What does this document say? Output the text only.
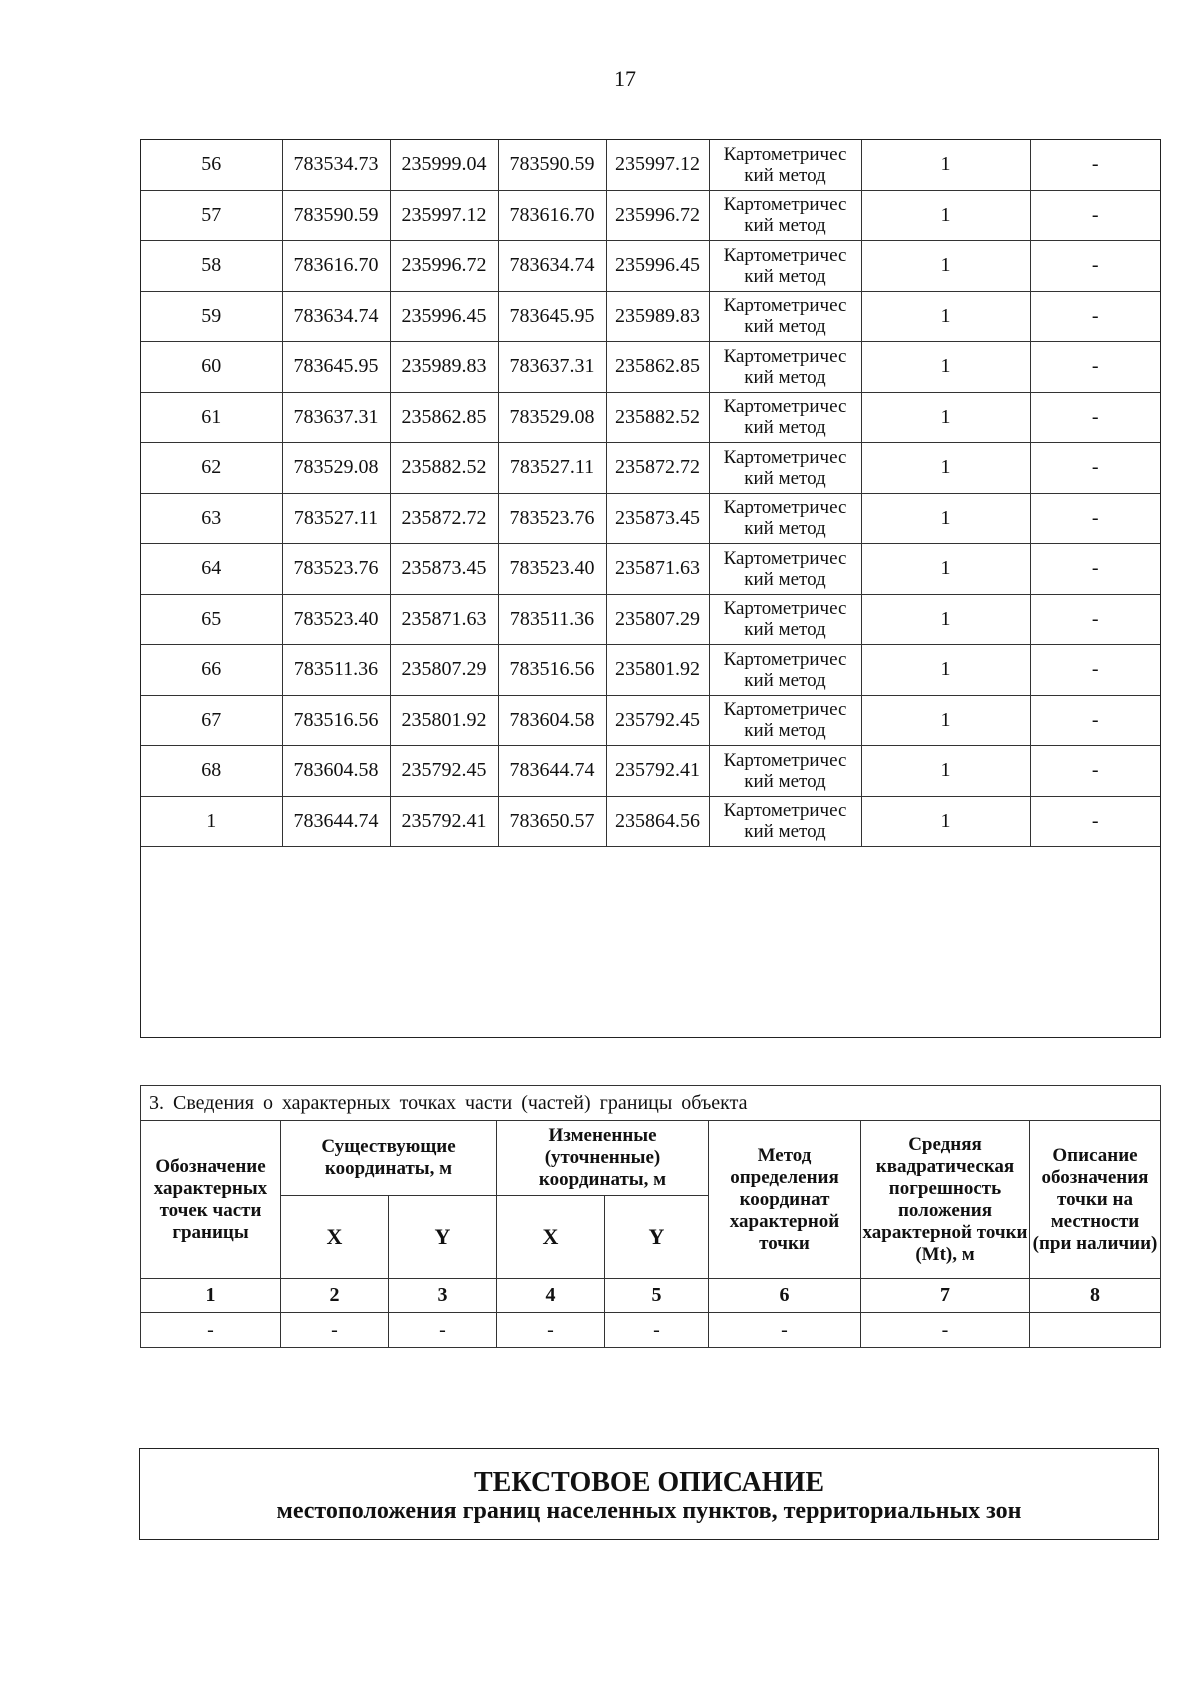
17
56	783534.73	235999.04	783590.59	235997.12	Картометричес
кий метод	1	-
57	783590.59	235997.12	783616.70	235996.72	Картометричес
кий метод	1	-
58	783616.70	235996.72	783634.74	235996.45	Картометричес
кий метод	1	-
59	783634.74	235996.45	783645.95	235989.83	Картометричес
кий метод	1	-
60	783645.95	235989.83	783637.31	235862.85	Картометричес
кий метод	1	-
61	783637.31	235862.85	783529.08	235882.52	Картометричес
кий метод	1	-
62	783529.08	235882.52	783527.11	235872.72	Картометричес
кий метод	1	-
63	783527.11	235872.72	783523.76	235873.45	Картометричес
кий метод	1	-
64	783523.76	235873.45	783523.40	235871.63	Картометричес
кий метод	1	-
65	783523.40	235871.63	783511.36	235807.29	Картометричес
кий метод	1	-
66	783511.36	235807.29	783516.56	235801.92	Картометричес
кий метод	1	-
67	783516.56	235801.92	783604.58	235792.45	Картометричес
кий метод	1	-
68	783604.58	235792.45	783644.74	235792.41	Картометричес
кий метод	1	-
1	783644.74	235792.41	783650.57	235864.56	Картометричес
кий метод	1	-
3. Сведения о характерных точках части (частей) границы объекта							
Обозначение характерных точек части границы	Существующие координаты, м		Измененные (уточненные) координаты, м		Метод определения координат характерной точки	Средняя квадратическая погрешность положения характерной точки (Mt), м	Описание обозначения точки на местности (при наличии)
	X	Y	X	Y			
1	2	3	4	5	6	7	8
-	-	-	-	-	-	-	
ТЕКСТОВОЕ ОПИСАНИЕ
местоположения границ населенных пунктов, территориальных зон
